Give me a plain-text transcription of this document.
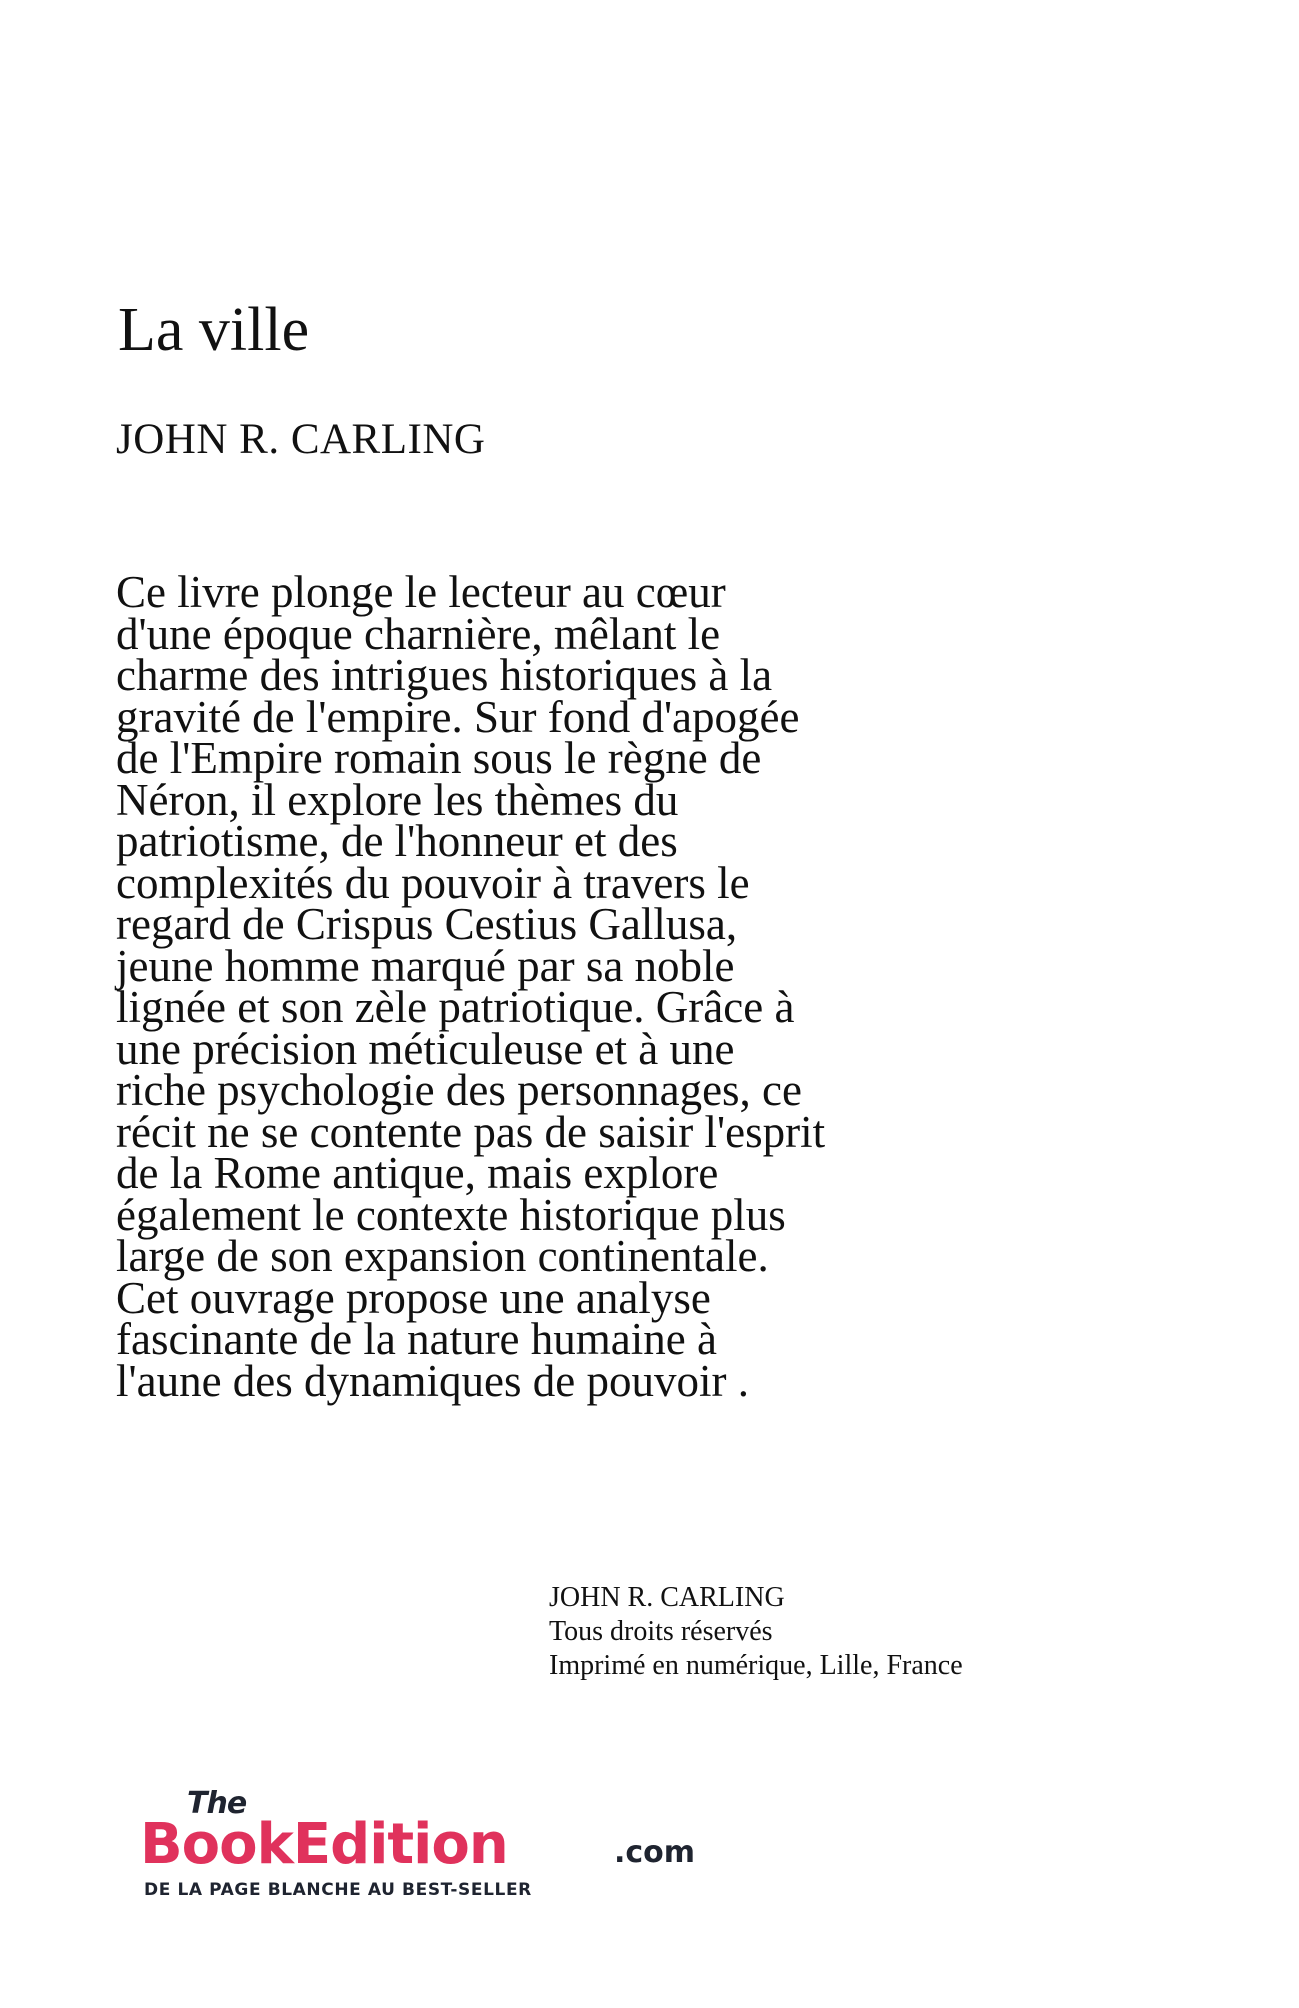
La ville
JOHN R. CARLING
Ce livre plonge le lecteur au cœur
d'une époque charnière, mêlant le
charme des intrigues historiques à la
gravité de l'empire. Sur fond d'apogée
de l'Empire romain sous le règne de
Néron, il explore les thèmes du
patriotisme, de l'honneur et des
complexités du pouvoir à travers le
regard de Crispus Cestius Gallusa,
jeune homme marqué par sa noble
lignée et son zèle patriotique. Grâce à
une précision méticuleuse et à une
riche psychologie des personnages, ce
récit ne se contente pas de saisir l'esprit
de la Rome antique, mais explore
également le contexte historique plus
large de son expansion continentale.
Cet ouvrage propose une analyse
fascinante de la nature humaine à
l'aune des dynamiques de pouvoir .
JOHN R. CARLING
Tous droits réservés
Imprimé en numérique, Lille, France
The
BookEdition	.com
DE LA PAGE BLANCHE AU BEST-SELLER
